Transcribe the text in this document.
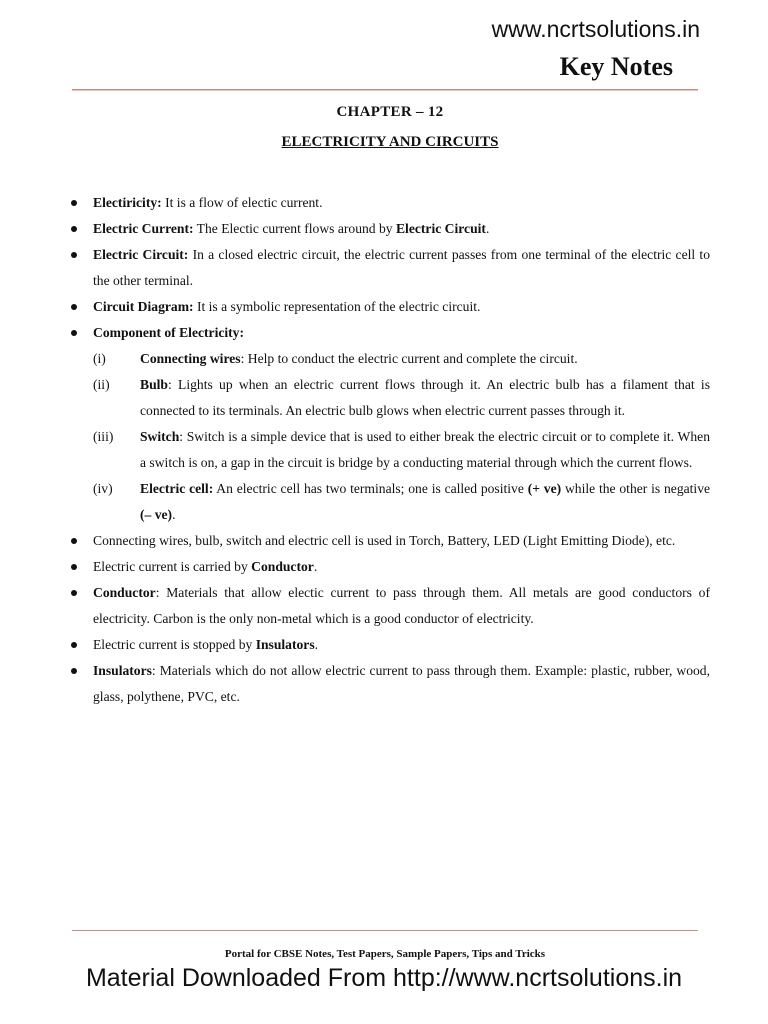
www.ncrtsolutions.in
Key Notes
CHAPTER – 12
ELECTRICITY AND CIRCUITS
Electiricity: It is a flow of electic current.
Electric Current: The Electic current flows around by Electric Circuit.
Electric Circuit: In a closed electric circuit, the electric current passes from one terminal of the electric cell to the other terminal.
Circuit Diagram: It is a symbolic representation of the electric circuit.
Component of Electricity:
(i)	Connecting wires: Help to conduct the electric current and complete the circuit.
(ii) Bulb: Lights up when an electric current flows through it. An electric bulb has a filament that is connected to its terminals. An electric bulb glows when electric current passes through it.
(iii) Switch: Switch is a simple device that is used to either break the electric circuit or to complete it. When a switch is on, a gap in the circuit is bridge by a conducting material through which the current flows.
(iv) Electric cell: An electric cell has two terminals; one is called positive (+ ve) while the other is negative (– ve).
Connecting wires, bulb, switch and electric cell is used in Torch, Battery, LED (Light Emitting Diode), etc.
Electric current is carried by Conductor.
Conductor: Materials that allow electic current to pass through them. All metals are good conductors of electricity. Carbon is the only non-metal which is a good conductor of electricity.
Electric current is stopped by Insulators.
Insulators: Materials which do not allow electric current to pass through them. Example: plastic, rubber, wood, glass, polythene, PVC, etc.
Portal for CBSE Notes, Test Papers, Sample Papers, Tips and Tricks
Material Downloaded From http://www.ncrtsolutions.in
